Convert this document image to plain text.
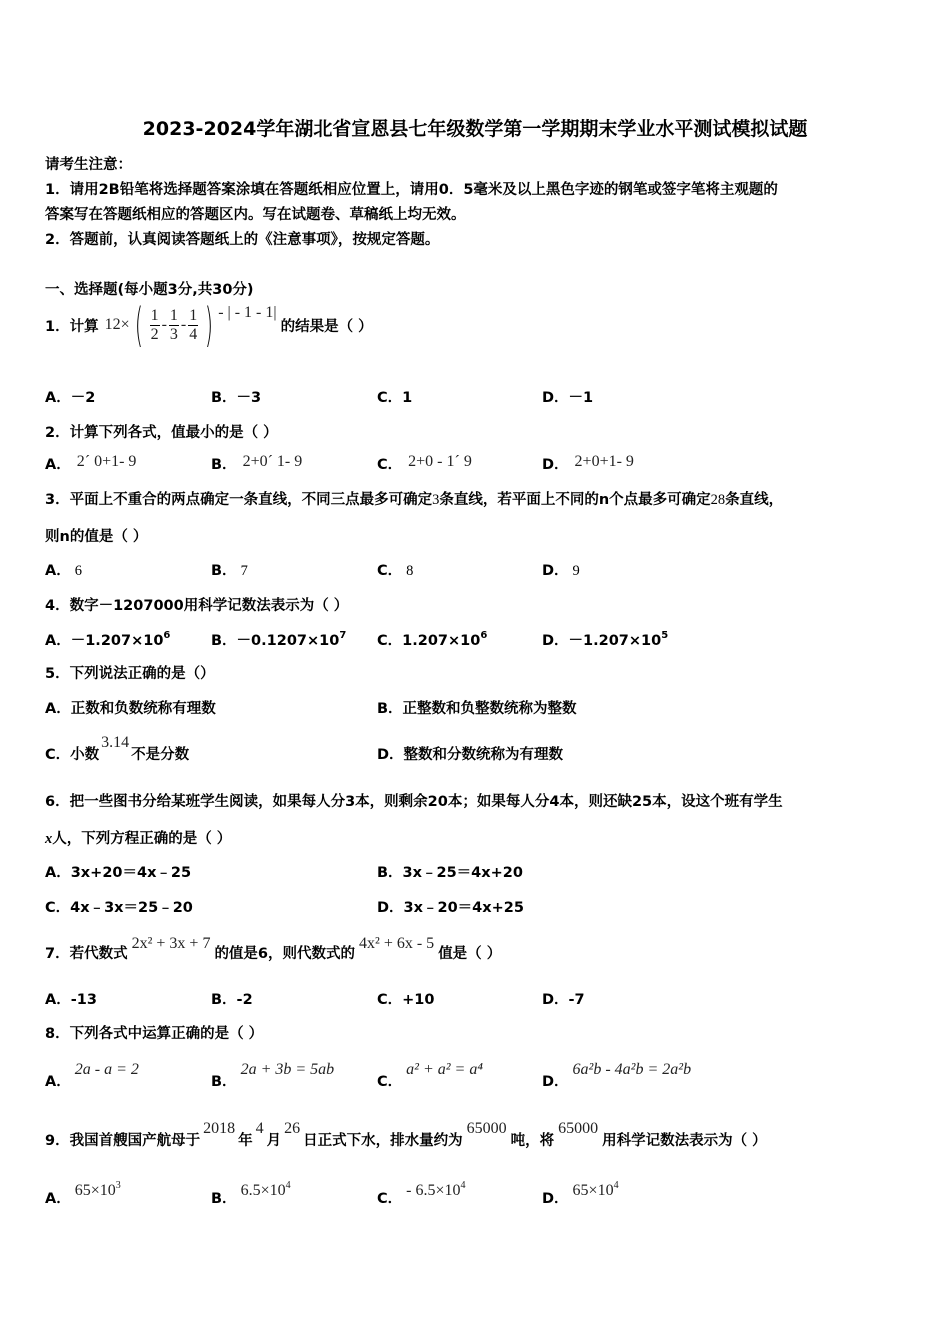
2023-2024学年湖北省宣恩县七年级数学第一学期期末学业水平测试模拟试题
请考生注意：
1．请用2B铅笔将选择题答案涂填在答题纸相应位置上，请用0．5毫米及以上黑色字迹的钢笔或签字笔将主观题的
答案写在答题纸相应的答题区内。写在试题卷、草稿纸上均无效。
2．答题前，认真阅读答题纸上的《注意事项》，按规定答题。
一、选择题(每小题3分,共30分)
1．计算 12 × ( $\frac{1}{2} - \frac{1}{3} - \frac{1}{4}$ ) - | - 1 - 1|
的结果是（ ）
A．－2	B．－3	C．1	D．－1
2．计算下列各式，值最小的是（ ）
A． 2´ 0+1- 9	B． 2+0´ 1- 9	C． 2+0 - 1´ 9	D． 2+0+1- 9
3．平面上不重合的两点确定一条直线，不同三点最多可确定3条直线，若平面上不同的n个点最多可确定28条直线，
则n的值是（ ）
A． 6	B． 7	C． 8	D． 9
4．数字－1207000用科学记数法表示为（ ）
A．$-1.207\times 10^6$	B．$-0.1207\times 10^7$ C．$1.207\times 10^6$	D．$-1.207\times 10^5$
5．下列说法正确的是（）
A．正数和负数统称有理数	B．正整数和负整数统称为整数
C．小数3.14不是分数	D．整数和分数统称为有理数
6．把一些图书分给某班学生阅读，如果每人分3本，则剩余20本；如果每人分4本，则还缺25本，设这个班有学生
x人，下列方程正确的是（ ）
A．3x+20＝4x﹣25	B．3x﹣25＝4x+20
C．4x﹣3x＝25﹣20	D．3x﹣20＝4x+25
7．若代数式2x² + 3x + 7的值是6，则代数式的4x² + 6x - 5值是（ ）
A．-13	B．-2	C．+10	D．-7
8．下列各式中运算正确的是（ ）
A．2a - a = 2
B．2a + 3b = 5ab
C．a² + a² = a⁴
D．6a²b - 4a²b = 2a²b
9．我国首艘国产航母于2018年4月26日正式下水，排水量约为65000吨，将65000用科学记数法表示为（ ）
A． $65\times 10^3$
B． $6.5\times 10^4$
C． - $6.5\times 10^4$
D． $65\times 10^4$
